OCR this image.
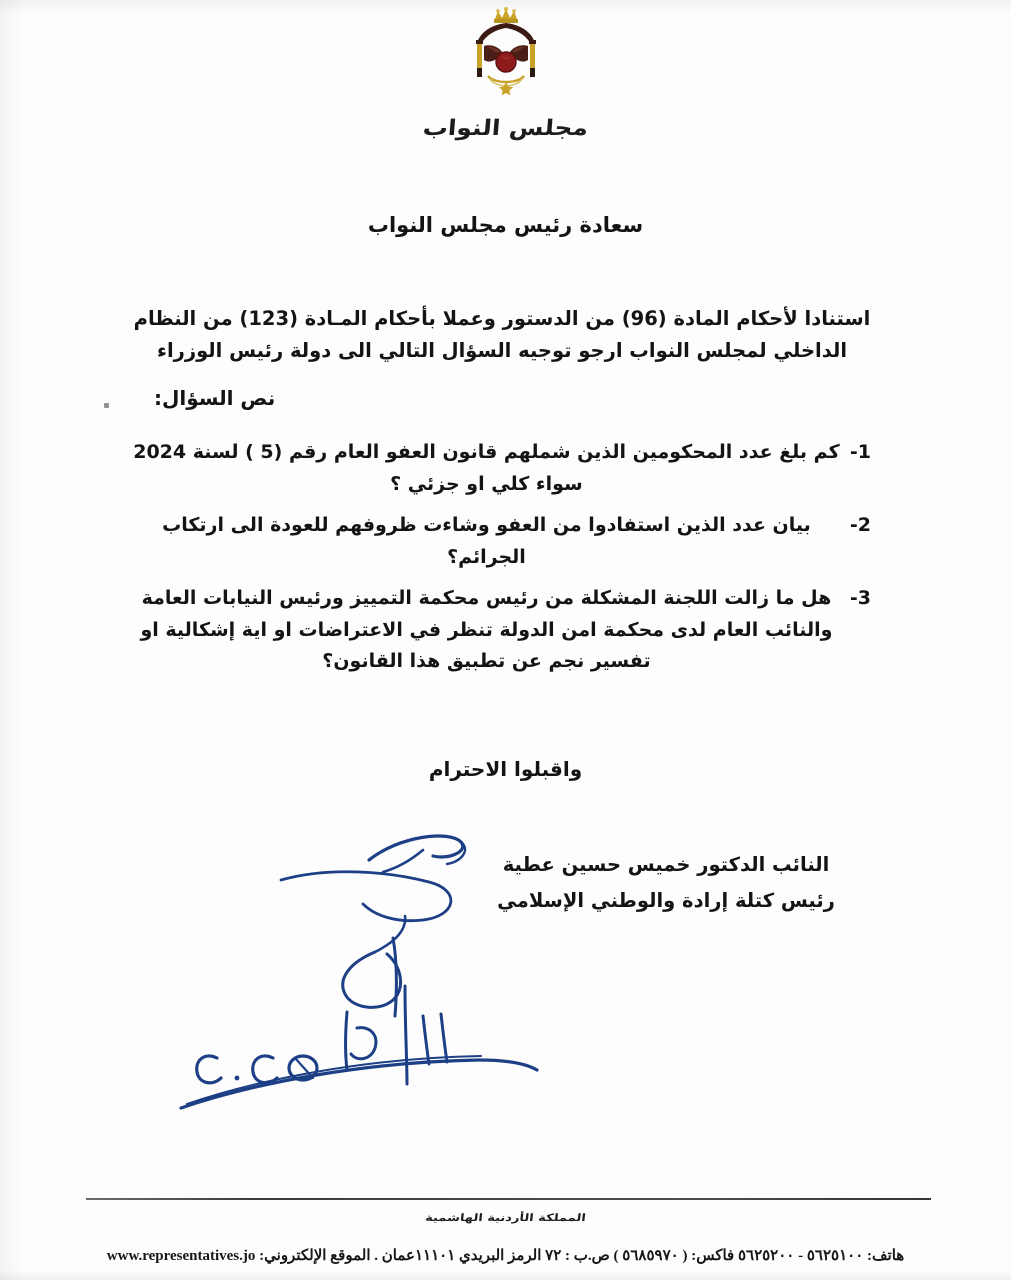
مجلس النواب
سعادة رئيس مجلس النواب
استنادا لأحكام المادة (96) من الدستور وعملا بأحكام المـادة (123) من النظام الداخلي لمجلس النواب ارجو توجيه السؤال التالي الى دولة رئيس الوزراء
نص السؤال:
-1
كم بلغ عدد المحكومين الذين شملهم قانون العفو العام رقم (5 ) لسنة 2024 سواء كلي او جزئي ؟
-2
بيان عدد الذين استفادوا من العفو وشاءت ظروفهم للعودة الى ارتكاب الجرائم؟
-3
هل ما زالت اللجنة المشكلة من رئيس محكمة التمييز ورئيس النيابات العامة والنائب العام لدى محكمة امن الدولة تنظر في الاعتراضات او اية إشكالية او تفسير نجم عن تطبيق هذا القانون؟
واقبلوا الاحترام
النائب الدكتور خميس حسين عطية
رئيس كتلة إرادة والوطني الإسلامي
المملكة الأردنية الهاشمية
هاتف: ٥٦٢٥١٠٠ - ٥٦٢٥٢٠٠ فاكس: ( ٥٦٨٥٩٧٠ ) ص.ب : ٧٢ الرمز البريدي ١١١٠١عمان . الموقع الإلكتروني: www.representatives.jo
